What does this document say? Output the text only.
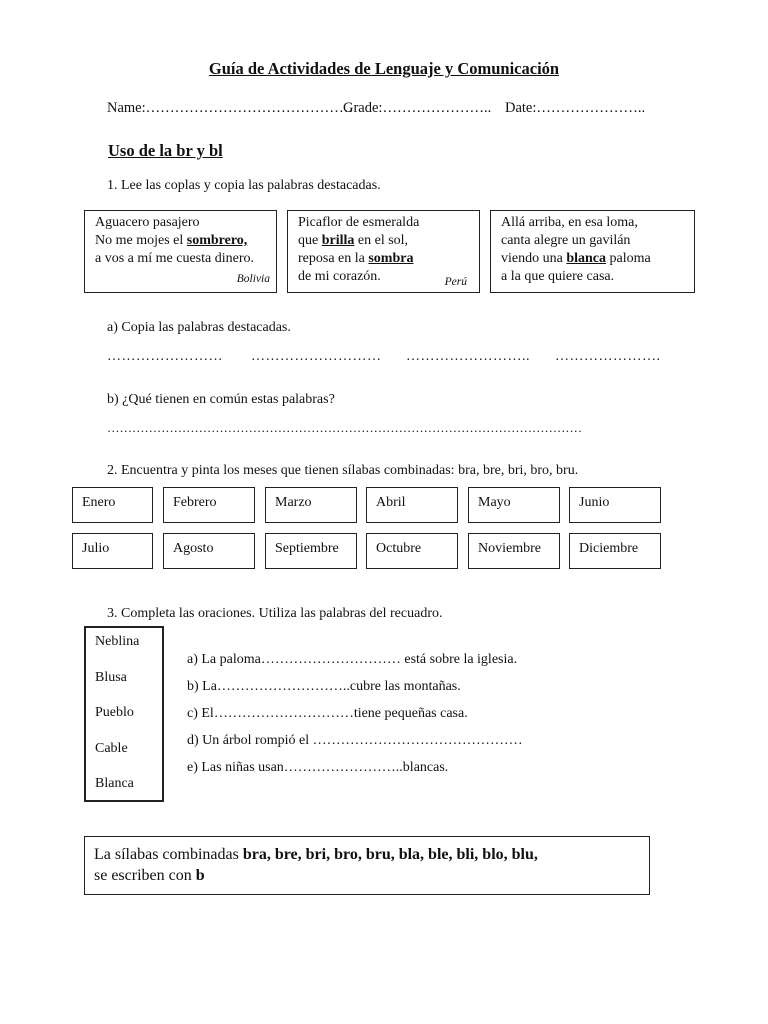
Guía de Actividades de Lenguaje y Comunicación
Name:…………………………………….
Grade:………………….. Date:…………………..
Uso de la br y bl
1. Lee las coplas y copia las palabras destacadas.
Aguacero pasajero
No me mojes el sombrero,
a vos a mí me cuesta dinero.
Bolivia
Picaflor de esmeralda
que brilla en el sol,
reposa en la sombra
de mi corazón.	Perú
Allá arriba, en esa loma,
canta alegre un gavilán
viendo una blanca paloma
a la que quiere casa.
a) Copia las palabras destacadas.
…………………… ……………………… …………………….. ………………….
b) ¿Qué tienen en común estas palabras?
……………………………………………………………………………………………………
2. Encuentra y pinta los meses que tienen sílabas combinadas: bra, bre, bri, bro, bru.
Enero	Febrero	Marzo	Abril	Mayo	Junio
Julio	Agosto	Septiembre	Octubre	Noviembre	Diciembre
3. Completa las oraciones. Utiliza las palabras del recuadro.
Neblina
Blusa
Pueblo
Cable
Blanca
a) La paloma………………………… está sobre la iglesia.
b) La………………………..cubre las montañas.
c) El…………………………tiene pequeñas casa.
d) Un árbol rompió el ………………………………………
e) Las niñas usan……………………..blancas.
La sílabas combinadas bra, bre, bri, bro, bru, bla, ble, bli, blo, blu,
se escriben con b
